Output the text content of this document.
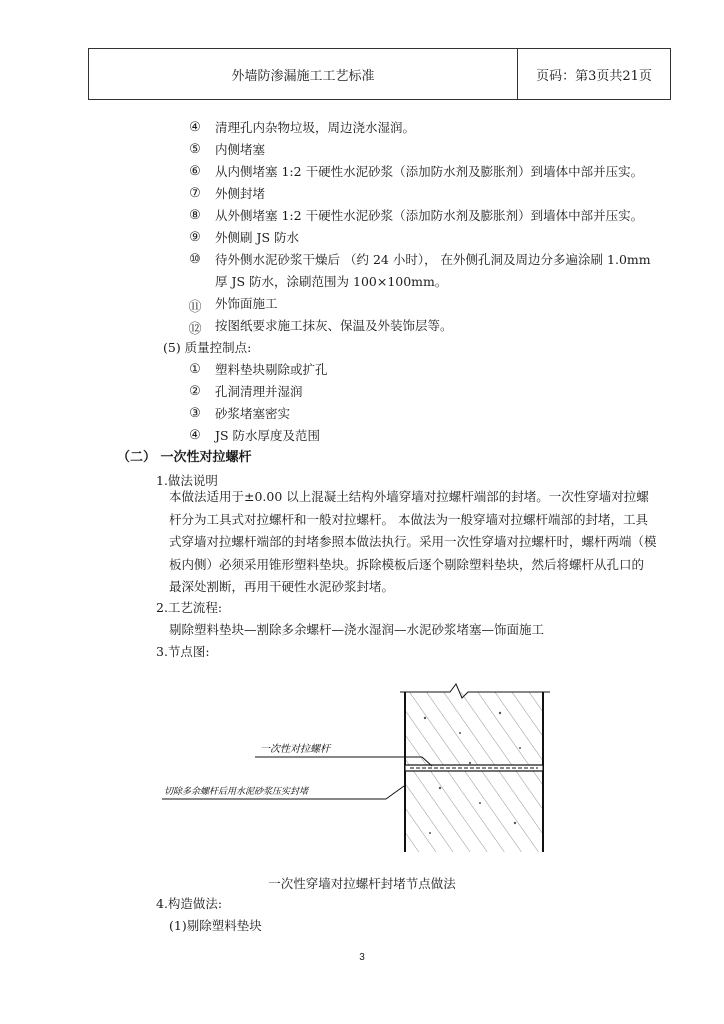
外墙防渗漏施工工艺标准	页码：第3页共21页
④ 清理孔内杂物垃圾，周边浇水湿润。
⑤ 内侧堵塞
⑥ 从内侧堵塞 1:2 干硬性水泥砂浆（添加防水剂及膨胀剂）到墙体中部并压实。
⑦ 外侧封堵
⑧ 从外侧堵塞 1:2 干硬性水泥砂浆（添加防水剂及膨胀剂）到墙体中部并压实。
⑨ 外侧刷 JS 防水
⑩ 待外侧水泥砂浆干燥后 （约 24 小时）， 在外侧孔洞及周边分多遍涂刷 1.0mm
厚 JS 防水，涂刷范围为 100×100mm。
⑪ 外饰面施工
⑫ 按图纸要求施工抹灰、保温及外装饰层等。
(5) 质量控制点:
① 塑料垫块剔除或扩孔
② 孔洞清理并湿润
③ 砂浆堵塞密实
④ JS 防水厚度及范围
（二） 一次性对拉螺杆
1.做法说明
本做法适用于±0.00 以上混凝土结构外墙穿墙对拉螺杆端部的封堵。一次性穿墙对拉螺
杆分为工具式对拉螺杆和一般对拉螺杆。 本做法为一般穿墙对拉螺杆端部的封堵，工具
式穿墙对拉螺杆端部的封堵参照本做法执行。采用一次性穿墙对拉螺杆时，螺杆两端（模
板内侧）必须采用锥形塑料垫块。拆除模板后逐个剔除塑料垫块，然后将螺杆从孔口的
最深处割断，再用干硬性水泥砂浆封堵。
2.工艺流程:
剔除塑料垫块—割除多余螺杆—浇水湿润—水泥砂浆堵塞—饰面施工
3.节点图:
一次性对拉螺杆
切除多余螺杆后用水泥砂浆压实封堵
一次性穿墙对拉螺杆封堵节点做法
4.构造做法:
(1)剔除塑料垫块
3
